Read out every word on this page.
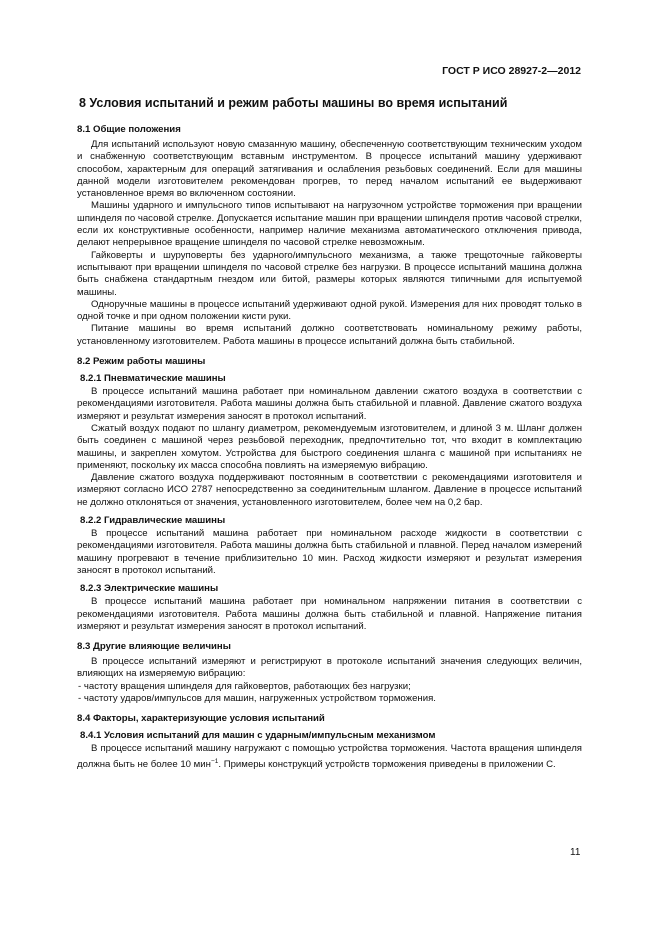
ГОСТ Р ИСО 28927-2—2012
8 Условия испытаний и режим работы машины во время испытаний
8.1 Общие положения

Для испытаний используют новую смазанную машину, обеспеченную соответствующим техническим уходом и снабженную соответствующим вставным инструментом. В процессе испытаний машину удерживают способом, характерным для операций затягивания и ослабления резьбовых соединений. Если для машины данной модели изготовителем рекомендован прогрев, то перед началом испытаний ее выдерживают установленное время во включенном состоянии.

Машины ударного и импульсного типов испытывают на нагрузочном устройстве торможения при вращении шпинделя по часовой стрелке. Допускается испытание машин при вращении шпинделя против часовой стрелки, если их конструктивные особенности, например наличие механизма автоматического отключения привода, делают непрерывное вращение шпинделя по часовой стрелке невозможным.

Гайковерты и шуруповерты без ударного/импульсного механизма, а также трещоточные гайковерты испытывают при вращении шпинделя по часовой стрелке без нагрузки. В процессе испытаний машина должна быть снабжена стандартным гнездом или битой, размеры которых являются типичными для испытуемой машины.

Одноручные машины в процессе испытаний удерживают одной рукой. Измерения для них проводят только в одной точке и при одном положении кисти руки.

Питание машины во время испытаний должно соответствовать номинальному режиму работы, установленному изготовителем. Работа машины в процессе испытаний должна быть стабильной.

8.2 Режим работы машины
8.2.1 Пневматические машины

В процессе испытаний машина работает при номинальном давлении сжатого воздуха в соответствии с рекомендациями изготовителя. Работа машины должна быть стабильной и плавной. Давление сжатого воздуха измеряют и результат измерения заносят в протокол испытаний.

Сжатый воздух подают по шлангу диаметром, рекомендуемым изготовителем, и длиной 3 м. Шланг должен быть соединен с машиной через резьбовой переходник, предпочтительно тот, что входит в комплектацию машины, и закреплен хомутом. Устройства для быстрого соединения шланга с машиной при испытаниях не применяют, поскольку их масса способна повлиять на измеряемую вибрацию.

Давление сжатого воздуха поддерживают постоянным в соответствии с рекомендациями изготовителя и измеряют согласно ИСО 2787 непосредственно за соединительным шлангом. Давление в процессе испытаний не должно отклоняться от значения, установленного изготовителем, более чем на 0,2 бар.

8.2.2 Гидравлические машины

В процессе испытаний машина работает при номинальном расходе жидкости в соответствии с рекомендациями изготовителя. Работа машины должна быть стабильной и плавной. Перед началом измерений машину прогревают в течение приблизительно 10 мин. Расход жидкости измеряют и результат измерения заносят в протокол испытаний.

8.2.3 Электрические машины

В процессе испытаний машина работает при номинальном напряжении питания в соответствии с рекомендациями изготовителя. Работа машины должна быть стабильной и плавной. Напряжение питания измеряют и результат измерения заносят в протокол испытаний.

8.3 Другие влияющие величины

В процессе испытаний измеряют и регистрируют в протоколе испытаний значения следующих величин, влияющих на измеряемую вибрацию:

- частоту вращения шпинделя для гайковертов, работающих без нагрузки;
- частоту ударов/импульсов для машин, нагруженных устройством торможения.
8.4 Факторы, характеризующие условия испытаний
8.4.1 Условия испытаний для машин с ударным/импульсным механизмом

В процессе испытаний машину нагружают с помощью устройства торможения. Частота вращения шпинделя должна быть не более 10 мин$^{-1}$. Примеры конструкций устройств торможения приведены в приложении С.

11
